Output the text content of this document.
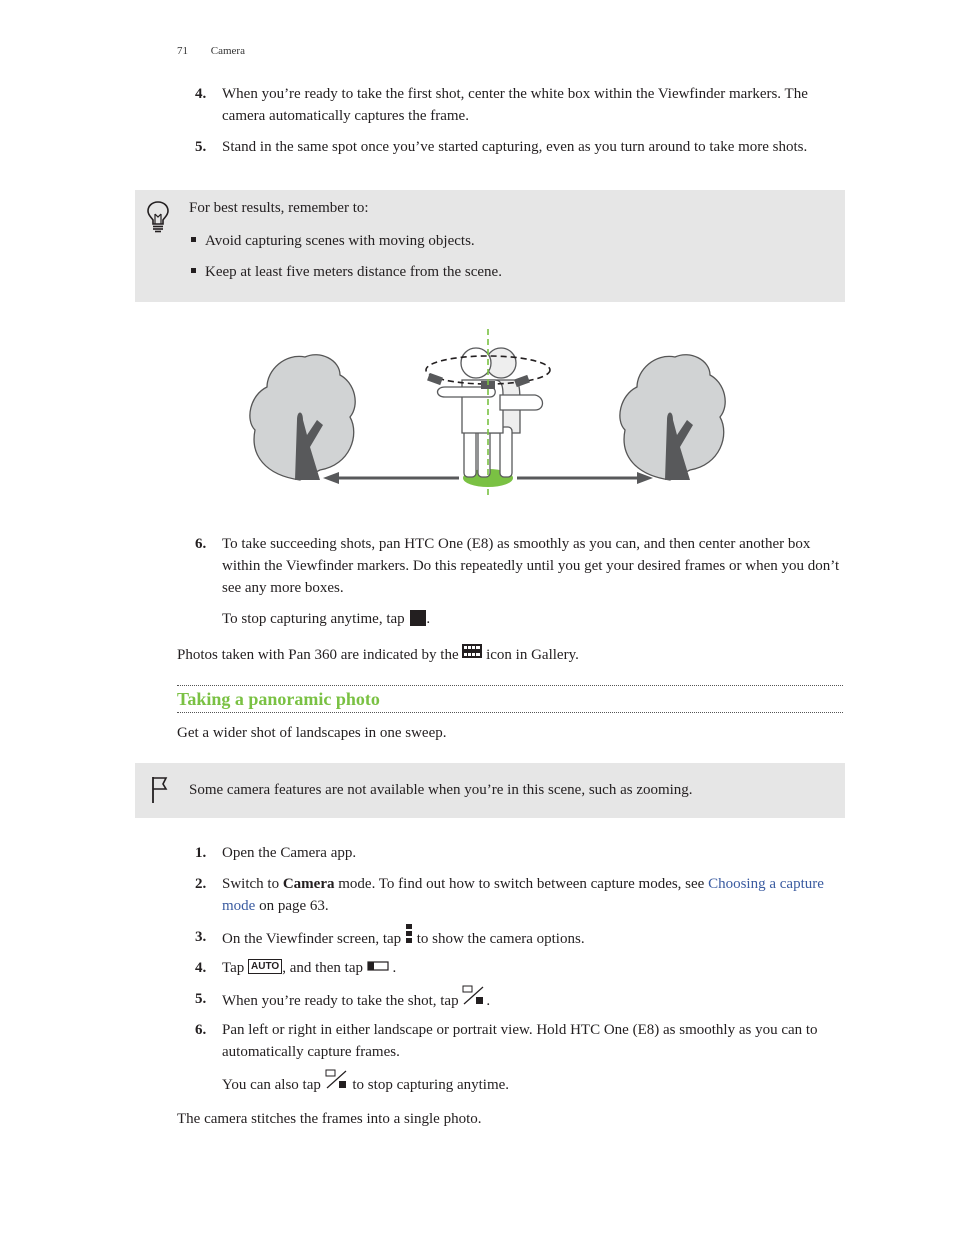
71 Camera
4.	When you’re ready to take the first shot, center the white box within the Viewfinder markers. The camera automatically captures the frame.
5.	Stand in the same spot once you’ve started capturing, even as you turn around to take more shots.
For best results, remember to:
Avoid capturing scenes with moving objects.
Keep at least five meters distance from the scene.
6.	To take succeeding shots, pan HTC One (E8) as smoothly as you can, and then center another box within the Viewfinder markers. Do this repeatedly until you get your desired frames or when you don’t see any more boxes.
To stop capturing anytime, tap .
Photos taken with Pan 360 are indicated by the icon in Gallery.
Taking a panoramic photo
Get a wider shot of landscapes in one sweep.
Some camera features are not available when you’re in this scene, such as zooming.
1.	Open the Camera app.
2.	Switch to Camera mode. To find out how to switch between capture modes, see Choosing a capture mode on page 63.
3.	On the Viewfinder screen, tap to show the camera options.
4.	Tap AUTO , and then tap .
5.	When you’re ready to take the shot, tap .
6.	Pan left or right in either landscape or portrait view. Hold HTC One (E8) as smoothly as you can to automatically capture frames.
You can also tap to stop capturing anytime.
The camera stitches the frames into a single photo.
